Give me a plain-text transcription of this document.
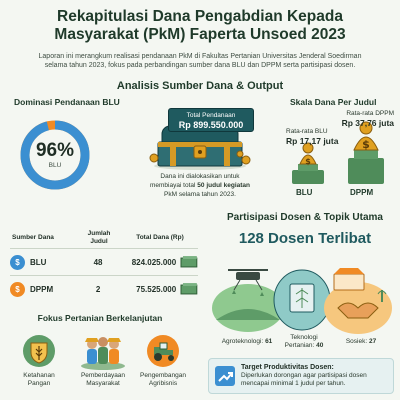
Rekapitulasi Dana Pengabdian Kepada
Masyarakat (PkM) Faperta Unsoed 2023
Laporan ini merangkum realisasi pendanaan PkM di Fakultas Pertanian Universitas Jenderal Soedirman
selama tahun 2023, fokus pada perbandingan sumber dana BLU dan DPPM serta partisipasi dosen.
Analisis Sumber Dana & Output
Dominasi Pendanaan BLU	Skala Dana Per Judul
96%
BLU
Total Pendanaan
Rp 899.550.000
Dana ini dialokasikan untuk
membiayai total 50 judul kegiatan
PkM selama tahun 2023.
$
$
Rata-rata BLU
Rp 17,17 juta
Rata-rata DPPM
Rp 37,76 juta
BLU	DPPM
Sumber Dana
Jumlah
Judul
Total Dana (Rp)
$	BLU	48	824.025.000
$	DPPM	2	75.525.000
Fokus Pertanian Berkelanjutan
Ketahanan
Pangan
Pemberdayaan
Masyarakat
Pengembangan
Agribisnis
Partisipasi Dosen & Topik Utama
128 Dosen Terlibat
Agroteknologi: 61
Teknologi
Pertanian: 40
Sosiek: 27
Target Produktivitas Dosen:
Diperlukan dorongan agar partisipasi dosen
mencapai minimal 1 judul per tahun.
